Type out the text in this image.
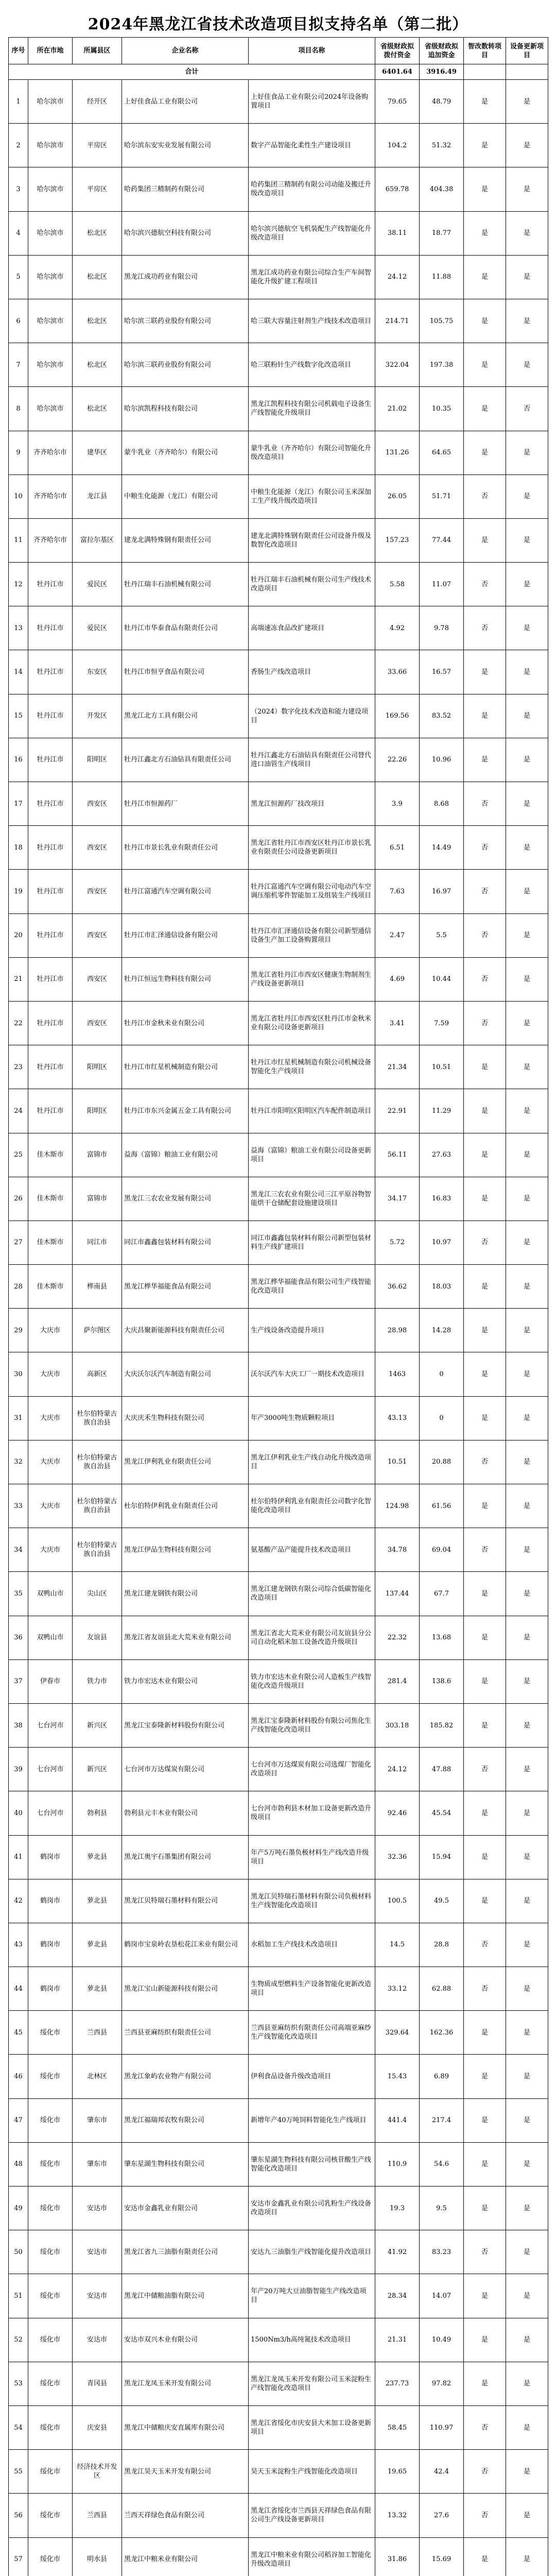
2024年黑龙江省技术改造项目拟支持名单（第二批）
序号	所在市地	所属县区	企业名称	项目名称	省级财政拟拨付资金	省级财政拟追加资金	智改数转项目	设备更新项目
合计					6401.64	3916.49		
1	哈尔滨市	经开区	上好佳食品工业有限公司	上好佳食品工业有限公司2024年设备购置项目	79.65	48.79	是	是
2	哈尔滨市	平房区	哈尔滨东安实业发展有限公司	数字产品智能化柔性生产建设项目	104.2	51.32	是	是
3	哈尔滨市	平房区	哈药集团三精制药有限公司	哈药集团三精制药有限公司动能及搬迁升级改造项目	659.78	404.38	是	是
4	哈尔滨市	松北区	哈尔滨兴德航空科技有限公司	哈尔滨兴德航空飞机装配生产线智能化升级改造项目	38.11	18.77	是	是
5	哈尔滨市	松北区	黑龙江成功药业有限公司	黑龙江成功药业有限公司综合生产车间智能化升级扩建工程项目	24.12	11.88	是	是
6	哈尔滨市	松北区	哈尔滨三联药业股份有限公司	哈三联大容量注射剂生产线技术改造项目	214.71	105.75	是	是
7	哈尔滨市	松北区	哈尔滨三联药业股份有限公司	哈三联粉针生产线数字化改造项目	322.04	197.38	是	是
8	哈尔滨市	松北区	哈尔滨凯程科技有限公司	黑龙江凯程科技有限公司机载电子设备生产线智能化升级项目	21.02	10.35	是	否
9	齐齐哈尔市	建华区	蒙牛乳业（齐齐哈尔）有限公司	蒙牛乳业（齐齐哈尔）有限公司智能化升级改造项目	131.26	64.65	是	是
10	齐齐哈尔市	龙江县	中粮生化能源（龙江）有限公司	中粮生化能源（龙江）有限公司玉米深加工生产线升级改造项目	26.05	51.71	否	是
11	齐齐哈尔市	富拉尔基区	建龙北满特殊钢有限责任公司	建龙北满特殊钢有限责任公司设备升级及数智化改造项目	157.23	77.44	是	是
12	牡丹江市	爱民区	牡丹江瑞丰石油机械有限公司	牡丹江瑞丰石油机械有限公司生产线技术改造项目	5.58	11.07	否	是
13	牡丹江市	爱民区	牡丹江市华泰食品有限责任公司	高端速冻食品改扩建项目	4.92	9.78	否	是
14	牡丹江市	东安区	牡丹江市恒亨食品有限公司	香肠生产线改造项目	33.66	16.57	是	是
15	牡丹江市	开发区	黑龙江北方工具有限公司	（2024）数字化技术改造和能力建设项目	169.56	83.52	是	是
16	牡丹江市	阳明区	牡丹江鑫北方石油钻具有限责任公司	牡丹江鑫北方石油钻具有限责任公司替代进口油管生产线项目	22.26	10.96	是	是
17	牡丹江市	西安区	牡丹江市恒源药厂	黑龙江恒源药厂技改项目	3.9	8.68	否	是
18	牡丹江市	西安区	牡丹江市景长乳业有限责任公司	黑龙江省牡丹江市西安区牡丹江市景长乳业有限责任公司设备更新项目	6.51	14.49	否	是
19	牡丹江市	西安区	牡丹江富通汽车空调有限公司	牡丹江富通汽车空调有限公司电动汽车空调压缩机零件智能加工及组装生产线项目	7.63	16.97	否	是
20	牡丹江市	西安区	牡丹江市汇泽通信设备有限公司	牡丹江市汇泽通信设备有限公司新型通信设备生产加工设备购置项目	2.47	5.5	否	是
21	牡丹江市	西安区	牡丹江恒远生物科技有限公司	黑龙江省牡丹江市西安区健康生物制剂生产线设备更新项目	4.69	10.44	否	是
22	牡丹江市	西安区	牡丹江市金秋米业有限公司	黑龙江省牡丹江市西安区牡丹江市金秋米业有限公司设备更新项目	3.41	7.59	否	是
23	牡丹江市	阳明区	牡丹江市红星机械制造有限公司	牡丹江市红星机械制造有限公司机械设备智能化生产线项目	21.34	10.51	是	是
24	牡丹江市	阳明区	牡丹江市东兴金属五金工具有限公司	牡丹江市阳明区阳明区汽车配件制造项目	22.91	11.29	是	是
25	佳木斯市	富锦市	益海（富锦）粮油工业有限公司	益海（富锦）粮油工业有限公司设备更新项目	56.11	27.63	是	是
26	佳木斯市	富锦市	黑龙江三农农业发展有限公司	黑龙江三农农业有限公司三江平原谷物智能烘干仓储配套设施建设项目	34.17	16.83	是	是
27	佳木斯市	同江市	同江市鑫鑫包装材料有限公司	同江市鑫鑫包装材料有限公司新型包装材料生产线扩建项目	5.72	10.97	否	是
28	佳木斯市	桦南县	黑龙江桦华福能食品有限公司	黑龙江桦华福能食品有限公司生产线智能化改造项目	36.62	18.03	是	是
29	大庆市	萨尔图区	大庆昌聚新能源科技有限责任公司	生产线设备改造提升项目	28.98	14.28	是	是
30	大庆市	高新区	大庆沃尔沃汽车制造有限公司	沃尔沃汽车大庆工厂一期技术改造项目	1463	0	是	是
31	大庆市	杜尔伯特蒙古族自治县	大庆庆禾生物科技有限公司	年产3000吨生物质颗粒项目	43.13	0	是	是
32	大庆市	杜尔伯特蒙古族自治县	黑龙江伊利乳业有限责任公司	黑龙江伊利乳业生产线自动化升级改造项目	10.51	20.88	否	是
33	大庆市	杜尔伯特蒙古族自治县	杜尔伯特伊利乳业有限责任公司	杜尔伯特伊利乳业有限责任公司数字化智能化改造项目	124.98	61.56	是	是
34	大庆市	杜尔伯特蒙古族自治县	黑龙江伊品生物科技有限公司	氨基酸产品产能提升技术改造项目	34.78	69.04	否	是
35	双鸭山市	尖山区	黑龙江建龙钢铁有限公司	黑龙江建龙钢铁有限公司综合低碳智能化改造项目	137.44	67.7	是	是
36	双鸭山市	友谊县	黑龙江省友谊县北大荒米业有限公司	黑龙江省北大荒米业有限公司友谊县分公司自动化稻米加工设备改造升级项目	22.32	13.68	是	是
37	伊春市	铁力市	铁力市宏达木业有限公司	铁力市宏达木业有限公司人造板生产线智能化改造升级项目	281.4	138.6	是	是
38	七台河市	新兴区	黑龙江宝泰隆新材料股份有限公司	黑龙江宝泰隆新材料股份有限公司焦化生产线智能化改造项目	303.18	185.82	是	是
39	七台河市	新兴区	七台河市万达煤炭有限公司	七台河市万达煤炭有限公司选煤厂智能化改造项目	24.12	47.88	否	是
40	七台河市	勃利县	勃利县元丰木业有限公司	七台河市勃利县木材加工设备更新改造升级项目	92.46	45.54	是	是
41	鹤岗市	萝北县	黑龙江奥宇石墨集团有限公司	年产5万吨石墨负极材料生产线改造升级项目	32.36	15.94	是	是
42	鹤岗市	萝北县	黑龙江贝特瑞石墨材料有限公司	黑龙江贝特瑞石墨材料有限公司负极材料生产线智能化改造项目	100.5	49.5	是	是
43	鹤岗市	萝北县	鹤岗市宝泉岭农垦松花江米业有限公司	水稻加工生产线技术改造项目	14.5	28.8	否	是
44	鹤岗市	萝北县	黑龙江宝山新能源科技有限公司	生物质成型燃料生产设备智能化更新改造项目	33.12	62.88	否	是
45	绥化市	兰西县	兰西县亚麻纺织有限责任公司	兰西县亚麻纺织有限责任公司高端亚麻纱生产线智能化改造项目	329.64	162.36	是	是
46	绥化市	北林区	黑龙江象屿农业物产有限公司	伊利食品设备升级改造项目	15.43	6.89	是	是
47	绥化市	肇东市	黑龙江福瑞邦农牧有限公司	新增年产40万吨饲料智能化生产线项目	441.4	217.4	是	是
48	绥化市	肇东市	肇东星湖生物科技有限公司	肇东星湖生物科技有限公司核苷酸生产线智能化改造项目	110.9	54.6	是	是
49	绥化市	安达市	安达市金鑫乳业有限公司	安达市金鑫乳业有限公司乳粉生产线设备改造项目	19.3	9.5	是	是
50	绥化市	安达市	黑龙江省九三油脂有限责任公司	安达九三油脂生产线智能化提升改造项目	41.92	83.23	否	是
51	绥化市	安达市	黑龙江中储粮油脂有限公司	年产20万吨大豆油脂智能生产线改造项目	28.34	14.07	是	是
52	绥化市	安达市	安达市双兴木业有限公司	1500Nm3/h高纯氮技术改造项目	21.31	10.49	是	是
53	绥化市	青冈县	黑龙江龙凤玉米开发有限公司	黑龙江龙凤玉米开发有限公司玉米淀粉生产线智能化改造项目	237.73	97.82	是	是
54	绥化市	庆安县	黑龙江中储粮庆安直属库有限公司	黑龙江省绥化市庆安县大米加工设备更新项目	58.45	110.97	否	是
55	绥化市	经济技术开发区	黑龙江昊天玉米开发有限公司	昊天玉米淀粉生产线智能化改造项目	19.65	42.4	否	是
56	绥化市	兰西县	兰西天祥绿色食品有限公司	黑龙江省绥化市兰西县天祥绿色食品有限公司生产线设备更新项目	13.32	27.6	否	是
57	绥化市	明水县	黑龙江中粮米业有限公司	黑龙江中粮米业有限公司稻谷加工智能化升级改造项目	31.86	15.69	是	是
